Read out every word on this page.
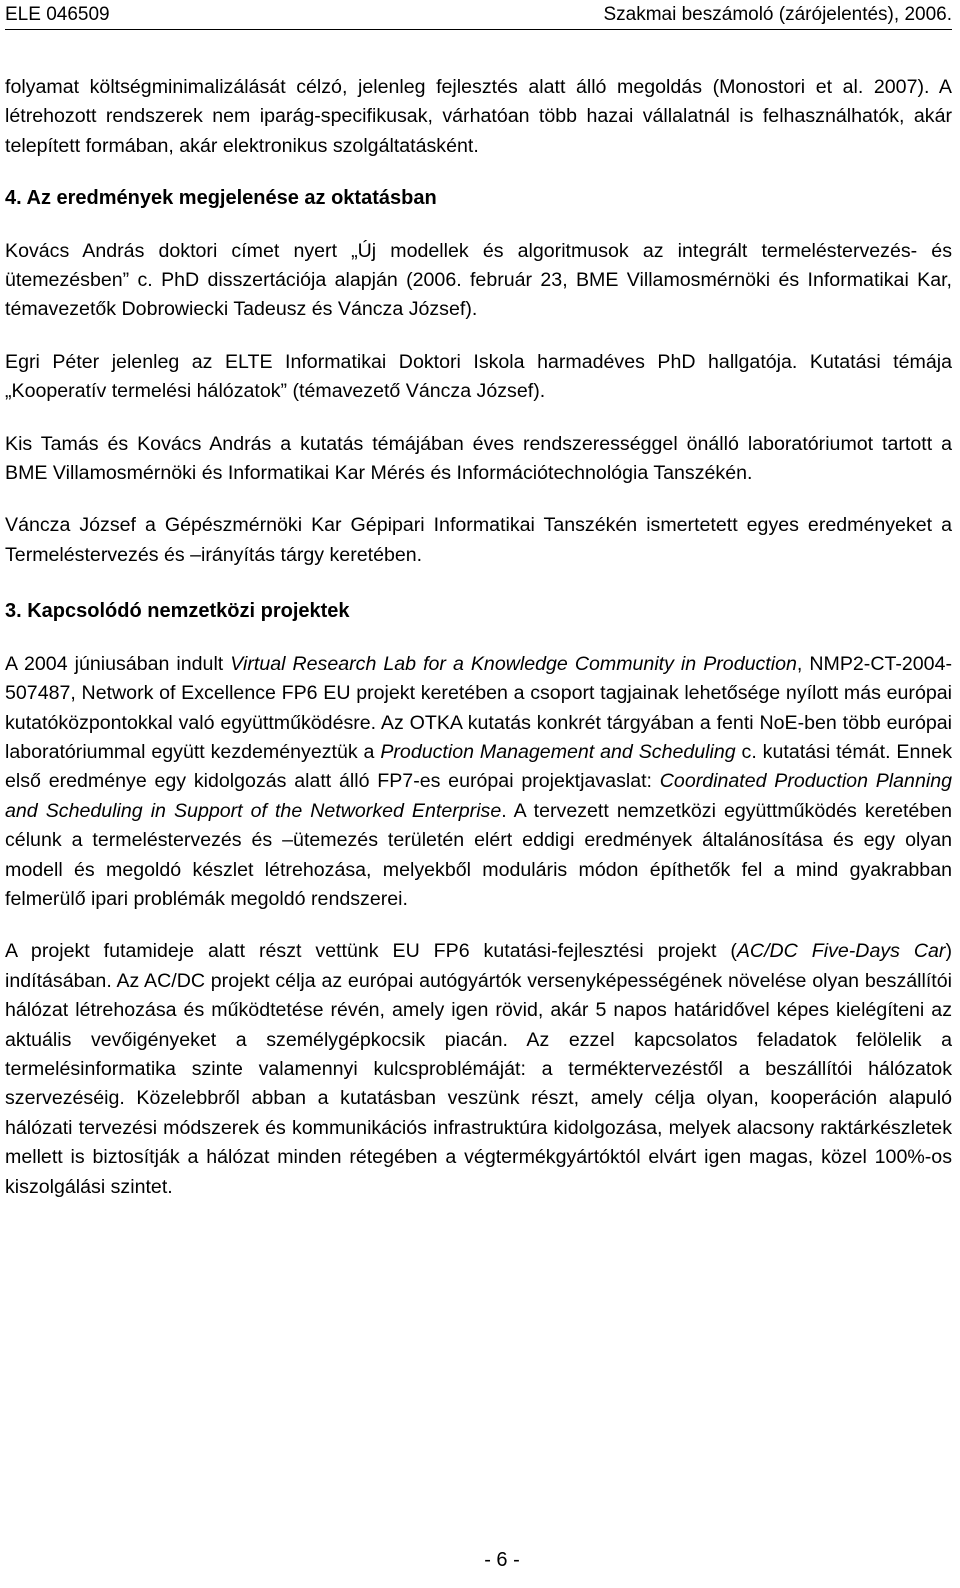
ELE 046509	Szakmai beszámoló (zárójelentés), 2006.

folyamat költségminimalizálását célzó, jelenleg fejlesztés alatt álló megoldás (Monostori et al. 2007). A létrehozott rendszerek nem iparág-specifikusak, várhatóan több hazai vállalatnál is felhasználhatók, akár telepített formában, akár elektronikus szolgáltatásként.

4. Az eredmények megjelenése az oktatásban

Kovács András doktori címet nyert „Új modellek és algoritmusok az integrált termeléstervezés- és ütemezésben” c. PhD disszertációja alapján (2006. február 23, BME Villamosmérnöki és Informatikai Kar, témavezetők Dobrowiecki Tadeusz és Váncza József).

Egri Péter jelenleg az ELTE Informatikai Doktori Iskola harmadéves PhD hallgatója. Kutatási témája „Kooperatív termelési hálózatok” (témavezető Váncza József).

Kis Tamás és Kovács András a kutatás témájában éves rendszerességgel önálló laboratóriumot tartott a BME Villamosmérnöki és Informatikai Kar Mérés és Információtechnológia Tanszékén.

Váncza József a Gépészmérnöki Kar Gépipari Informatikai Tanszékén ismertetett egyes eredményeket a Termeléstervezés és –irányítás tárgy keretében.

3. Kapcsolódó nemzetközi projektek

A 2004 júniusában indult Virtual Research Lab for a Knowledge Community in Production, NMP2-CT-2004-507487, Network of Excellence FP6 EU projekt keretében a csoport tagjainak lehetősége nyílott más európai kutatóközpontokkal való együttműködésre. Az OTKA kutatás konkrét tárgyában a fenti NoE-ben több európai laboratóriummal együtt kezdeményeztük a Production Management and Scheduling c. kutatási témát. Ennek első eredménye egy kidolgozás alatt álló FP7-es európai projektjavaslat: Coordinated Production Planning and Scheduling in Support of the Networked Enterprise. A tervezett nemzetközi együttműködés keretében célunk a termeléstervezés és –ütemezés területén elért eddigi eredmények általánosítása és egy olyan modell és megoldó készlet létrehozása, melyekből moduláris módon építhetők fel a mind gyakrabban felmerülő ipari problémák megoldó rendszerei.

A projekt futamideje alatt részt vettünk EU FP6 kutatási-fejlesztési projekt (AC/DC Five-Days Car) indításában. Az AC/DC projekt célja az európai autógyártók versenyképességének növelése olyan beszállítói hálózat létrehozása és működtetése révén, amely igen rövid, akár 5 napos határidővel képes kielégíteni az aktuális vevőigényeket a személygépkocsik piacán. Az ezzel kapcsolatos feladatok felölelik a termelésinformatika szinte valamennyi kulcsproblémáját: a terméktervezéstől a beszállítói hálózatok szervezéséig. Közelebbről abban a kutatásban veszünk részt, amely célja olyan, kooperáción alapuló hálózati tervezési módszerek és kommunikációs infrastruktúra kidolgozása, melyek alacsony raktárkészletek mellett is biztosítják a hálózat minden rétegében a végtermékgyártóktól elvárt igen magas, közel 100%-os kiszolgálási szintet.

- 6 -
